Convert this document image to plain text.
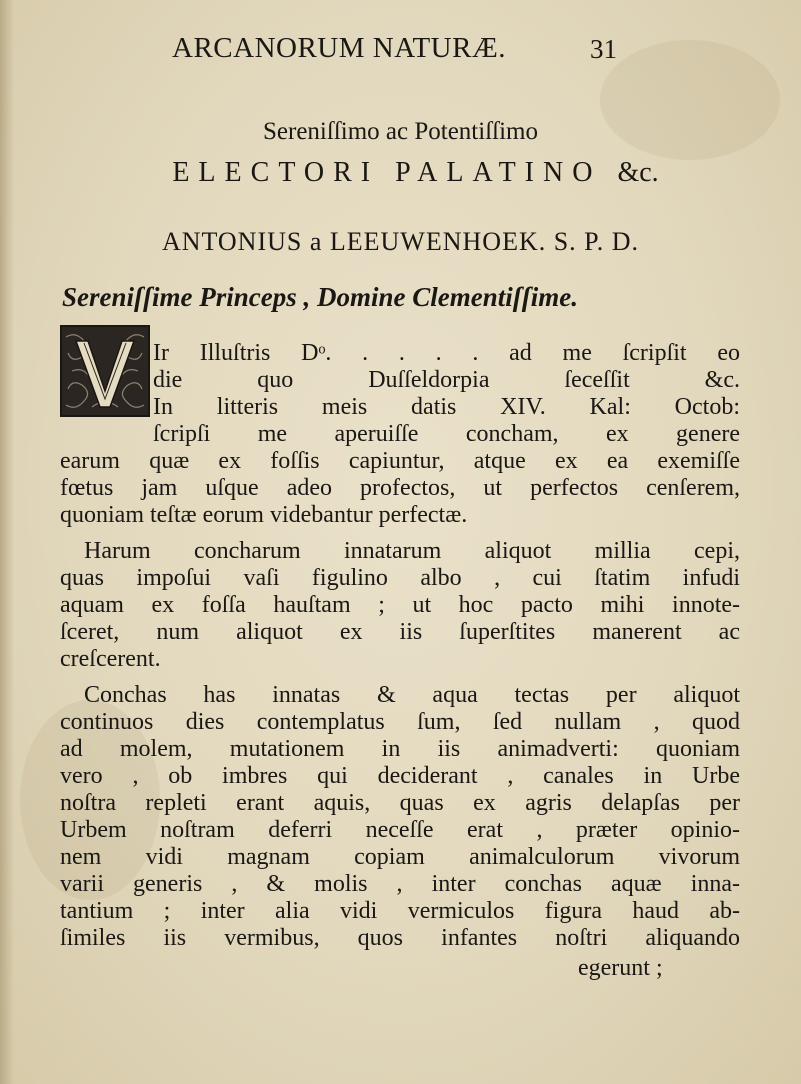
ARCANORUM NATURÆ.	31
Sereniſſimo ac Potentiſſimo
ELECTORI PALATINO &c.
ANTONIUS a LEEUWENHOEK. S. P. D.
Sereniſſime Princeps , Domine Clementiſſime.
Ir Illuſtris Dᵒ. . . . . ad me ſcripſit eo
die quo Duſſeldorpia ſeceſſit &c.
In litteris meis datis XIV. Kal: Octob:
ſcripſi me aperuiſſe concham, ex genere
earum quæ ex foſſis capiuntur, atque ex ea exemiſſe
fœtus jam uſque adeo profectos, ut perfectos cenſerem,
quoniam teſtæ eorum videbantur perfectæ.
Harum concharum innatarum aliquot millia cepi,
quas impoſui vaſi figulino albo , cui ſtatim infudi
aquam ex foſſa hauſtam ; ut hoc pacto mihi innote-
ſceret, num aliquot ex iis ſuperſtites manerent ac
creſcerent.
Conchas has innatas & aqua tectas per aliquot
continuos dies contemplatus ſum, ſed nullam , quod
ad molem, mutationem in iis animadverti: quoniam
vero , ob imbres qui deciderant , canales in Urbe
noſtra repleti erant aquis, quas ex agris delapſas per
Urbem noſtram deferri neceſſe erat , præter opinio-
nem vidi magnam copiam animalculorum vivorum
varii generis , & molis , inter conchas aquæ inna-
tantium ; inter alia vidi vermiculos figura haud ab-
ſimiles iis vermibus, quos infantes noſtri aliquando
egerunt ;
